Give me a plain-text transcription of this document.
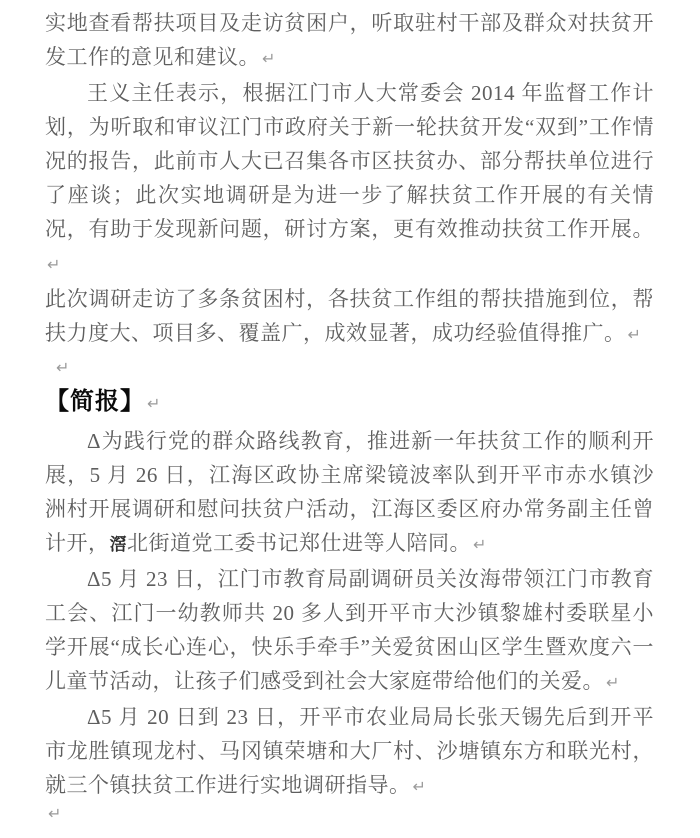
实地查看帮扶项目及走访贫困户，听取驻村干部及群众对扶贫开发工作的意见和建议。 ↵

王义主任表示，根据江门市人大常委会 2014 年监督工作计划，为听取和审议江门市政府关于新一轮扶贫开发“双到”工作情况的报告，此前市人大已召集各市区扶贫办、部分帮扶单位进行了座谈；此次实地调研是为进一步了解扶贫工作开展的有关情况，有助于发现新问题，研讨方案，更有效推动扶贫工作开展。↵

此次调研走访了多条贫困村，各扶贫工作组的帮扶措施到位，帮扶力度大、项目多、覆盖广，成效显著，成功经验值得推广。 ↵

↵

【简报】 ↵

Δ为践行党的群众路线教育，推进新一年扶贫工作的顺利开展，5 月 26 日，江海区政协主席梁镜波率队到开平市赤水镇沙洲村开展调研和慰问扶贫户活动，江海区委区府办常务副主任曾计开，滘北街道党工委书记郑仕进等人陪同。 ↵

Δ5 月 23 日，江门市教育局副调研员关汝海带领江门市教育工会、江门一幼教师共 20 多人到开平市大沙镇黎雄村委联星小学开展“成长心连心，快乐手牵手”关爱贫困山区学生暨欢度六一儿童节活动，让孩子们感受到社会大家庭带给他们的关爱。 ↵

Δ5 月 20 日到 23 日，开平市农业局局长张天锡先后到开平市龙胜镇现龙村、马冈镇荣塘和大厂村、沙塘镇东方和联光村，就三个镇扶贫工作进行实地调研指导。 ↵

↵
